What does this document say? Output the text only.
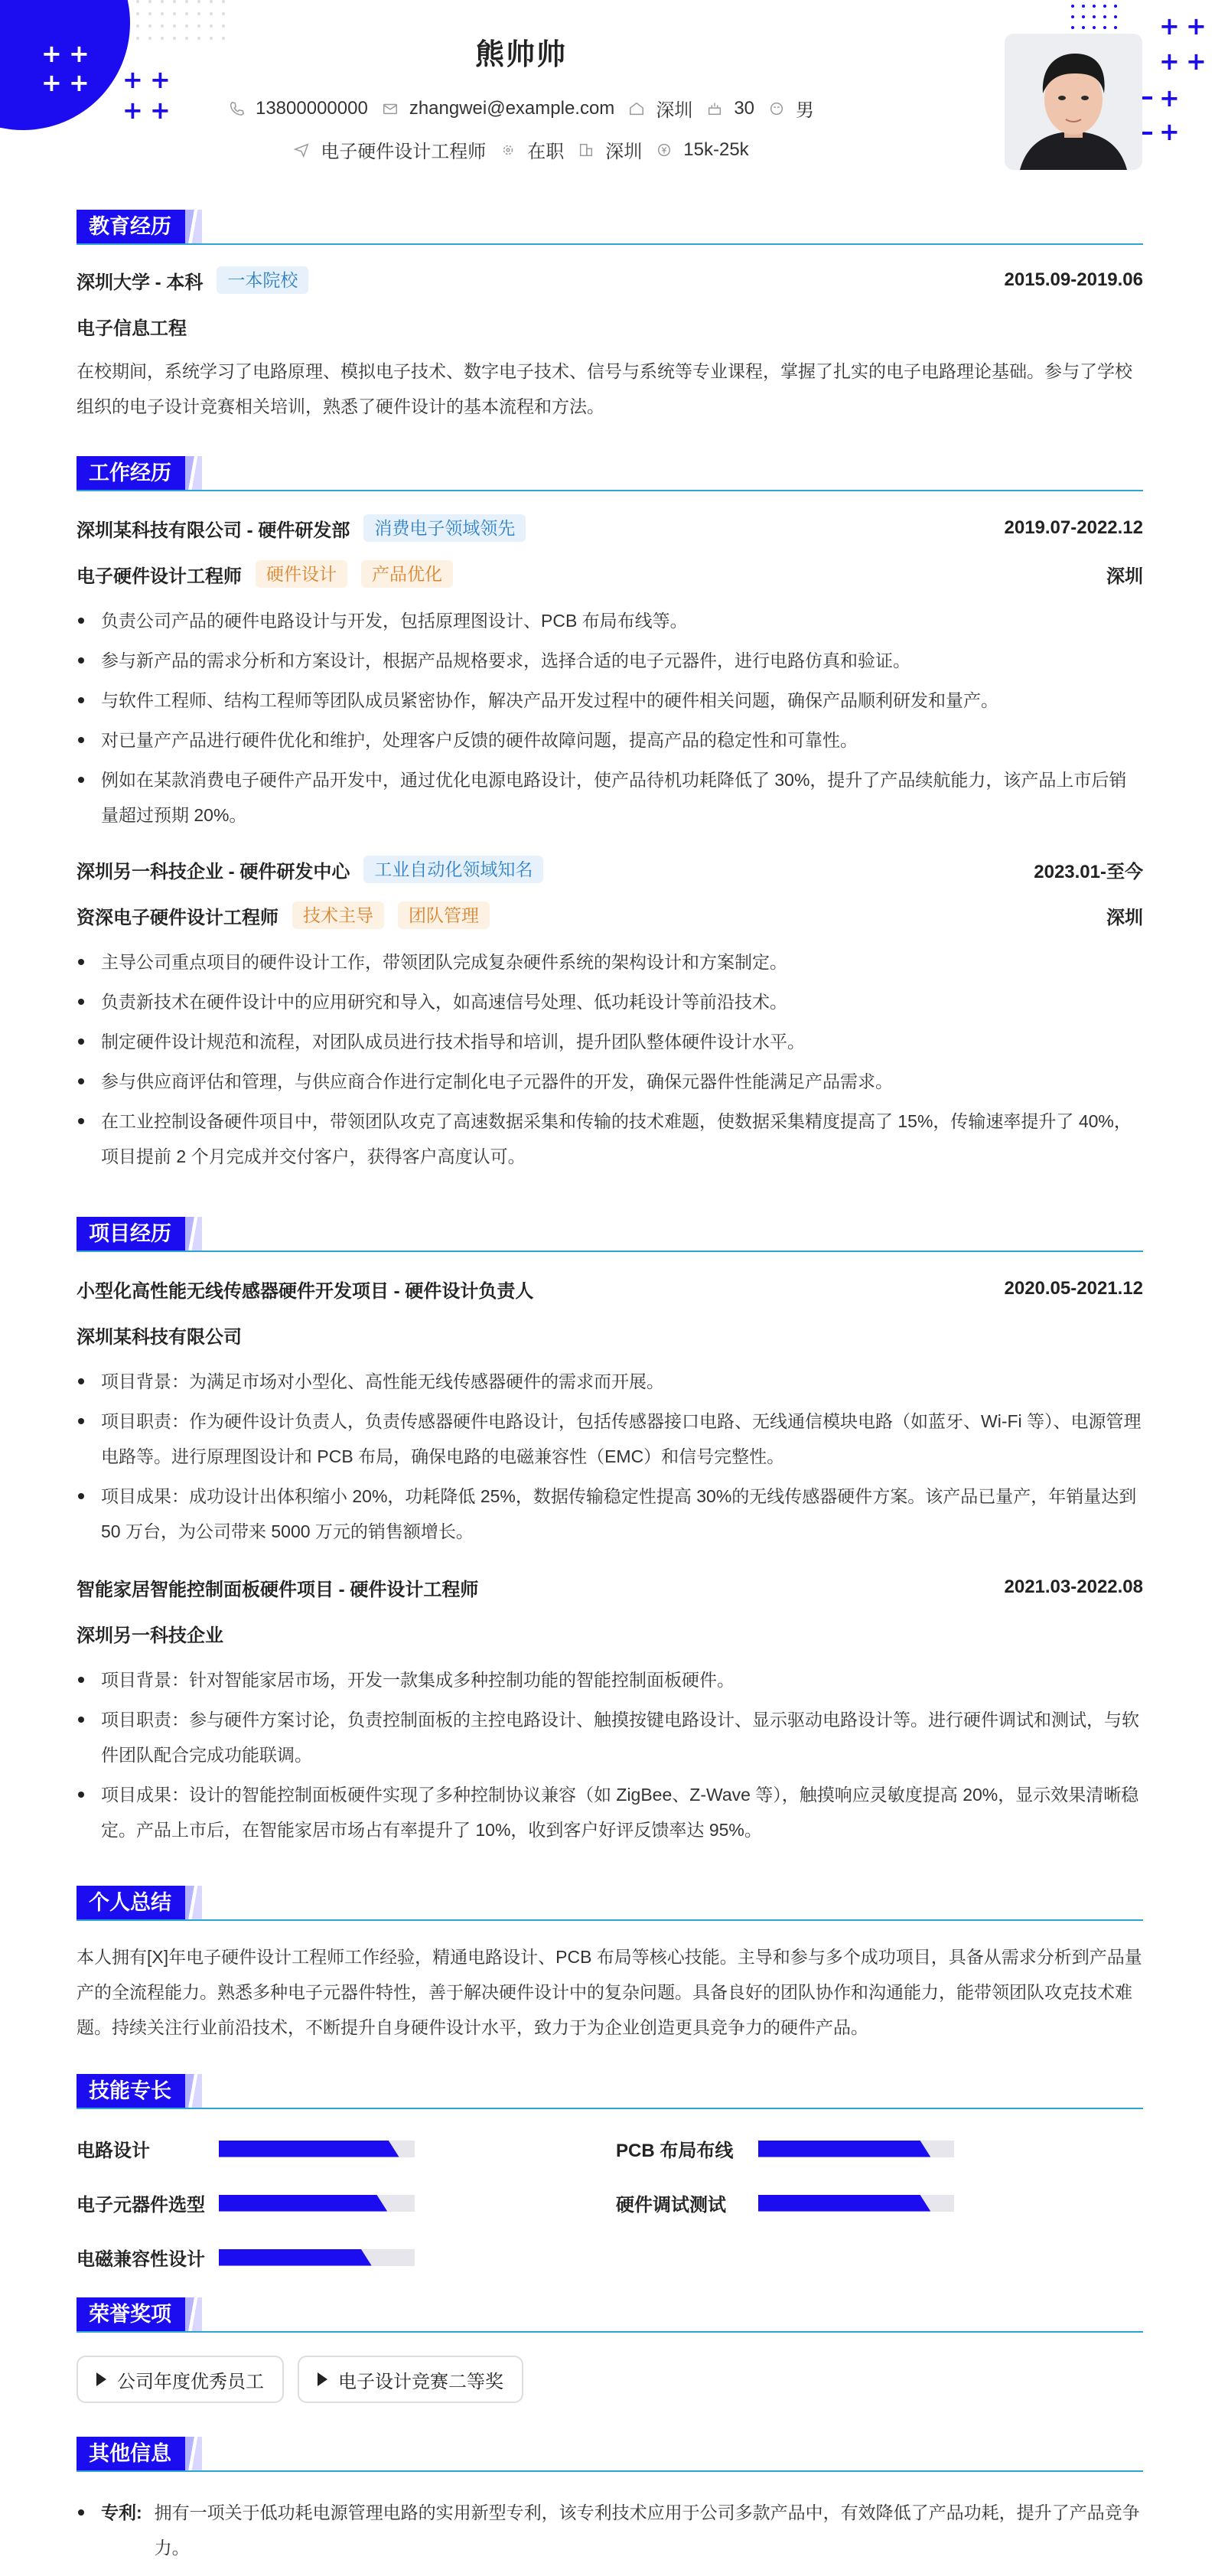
+ +
+ + + +
+ +
+ +
+ +
+
+
熊帅帅
13800000000 zhangwei@example.com 深圳 30 男
电子硬件设计工程师 在职 深圳 15k-25k
教育经历
深圳大学 - 本科	一本院校	2015.09-2019.06
电子信息工程

在校期间，系统学习了电路原理、模拟电子技术、数字电子技术、信号与系统等专业课程，掌握了扎实的电子电路理论基础。参与了学校组织的电子设计竞赛相关培训，熟悉了硬件设计的基本流程和方法。

工作经历
深圳某科技有限公司 - 硬件研发部	消费电子领域领先	2019.07-2022.12
电子硬件设计工程师	硬件设计	产品优化	深圳
负责公司产品的硬件电路设计与开发，包括原理图设计、PCB 布局布线等。
参与新产品的需求分析和方案设计，根据产品规格要求，选择合适的电子元器件，进行电路仿真和验证。
与软件工程师、结构工程师等团队成员紧密协作，解决产品开发过程中的硬件相关问题，确保产品顺利研发和量产。
对已量产产品进行硬件优化和维护，处理客户反馈的硬件故障问题，提高产品的稳定性和可靠性。
例如在某款消费电子硬件产品开发中，通过优化电源电路设计，使产品待机功耗降低了 30%，提升了产品续航能力，该产品上市后销量超过预期 20%。
深圳另一科技企业 - 硬件研发中心	工业自动化领域知名	2023.01-至今
资深电子硬件设计工程师	技术主导	团队管理	深圳
主导公司重点项目的硬件设计工作，带领团队完成复杂硬件系统的架构设计和方案制定。
负责新技术在硬件设计中的应用研究和导入，如高速信号处理、低功耗设计等前沿技术。
制定硬件设计规范和流程，对团队成员进行技术指导和培训，提升团队整体硬件设计水平。
参与供应商评估和管理，与供应商合作进行定制化电子元器件的开发，确保元器件性能满足产品需求。
在工业控制设备硬件项目中，带领团队攻克了高速数据采集和传输的技术难题，使数据采集精度提高了 15%，传输速率提升了 40%，项目提前 2 个月完成并交付客户，获得客户高度认可。
项目经历
小型化高性能无线传感器硬件开发项目 - 硬件设计负责人	2020.05-2021.12
深圳某科技有限公司
项目背景：为满足市场对小型化、高性能无线传感器硬件的需求而开展。
项目职责：作为硬件设计负责人，负责传感器硬件电路设计，包括传感器接口电路、无线通信模块电路（如蓝牙、Wi-Fi 等）、电源管理电路等。进行原理图设计和 PCB 布局，确保电路的电磁兼容性（EMC）和信号完整性。
项目成果：成功设计出体积缩小 20%，功耗降低 25%，数据传输稳定性提高 30%的无线传感器硬件方案。该产品已量产，年销量达到 50 万台，为公司带来 5000 万元的销售额增长。
智能家居智能控制面板硬件项目 - 硬件设计工程师	2021.03-2022.08
深圳另一科技企业
项目背景：针对智能家居市场，开发一款集成多种控制功能的智能控制面板硬件。
项目职责：参与硬件方案讨论，负责控制面板的主控电路设计、触摸按键电路设计、显示驱动电路设计等。进行硬件调试和测试，与软件团队配合完成功能联调。
项目成果：设计的智能控制面板硬件实现了多种控制协议兼容（如 ZigBee、Z-Wave 等），触摸响应灵敏度提高 20%，显示效果清晰稳定。产品上市后，在智能家居市场占有率提升了 10%，收到客户好评反馈率达 95%。
个人总结

本人拥有[X]年电子硬件设计工程师工作经验，精通电路设计、PCB 布局等核心技能。主导和参与多个成功项目，具备从需求分析到产品量产的全流程能力。熟悉多种电子元器件特性，善于解决硬件设计中的复杂问题。具备良好的团队协作和沟通能力，能带领团队攻克技术难题。持续关注行业前沿技术，不断提升自身硬件设计水平，致力于为企业创造更具竞争力的硬件产品。

技能专长
电路设计	PCB 布局布线
电子元器件选型	硬件调试测试
电磁兼容性设计
荣誉奖项
公司年度优秀员工	电子设计竞赛二等奖
其他信息
专利: 拥有一项关于低功耗电源管理电路的实用新型专利，该专利技术应用于公司多款产品中，有效降低了产品功耗，提升了产品竞争力。
